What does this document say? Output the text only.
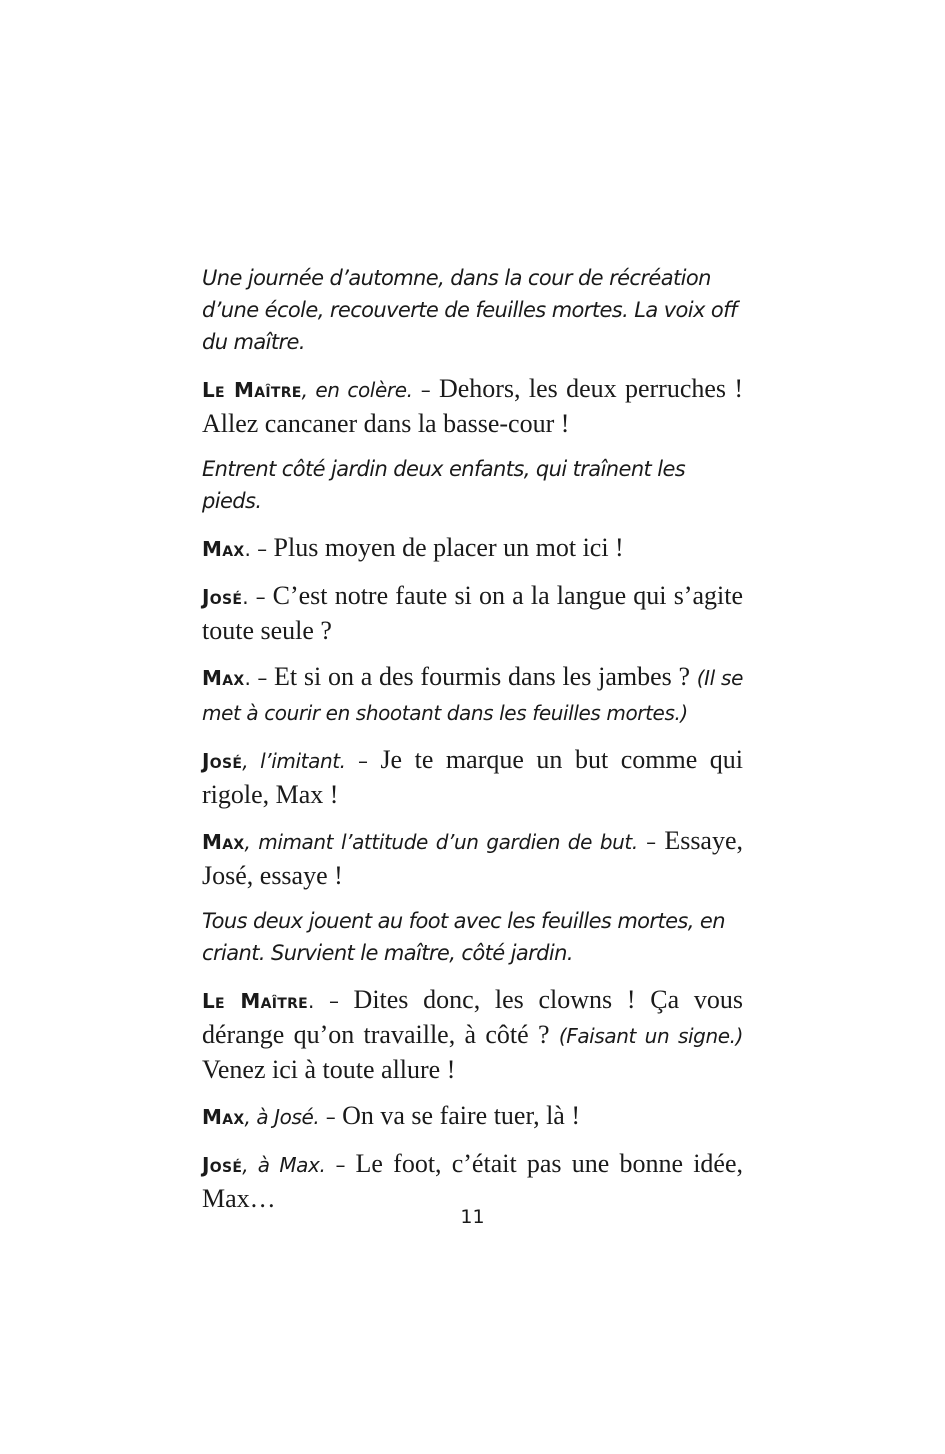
Une journée d’automne, dans la cour de récréation d’une école, recouverte de feuilles mortes. La voix off du maître.

Le Maître, en colère. – Dehors, les deux perruches ! Allez cancaner dans la basse-cour !

Entrent côté jardin deux enfants, qui traînent les pieds.

Max. – Plus moyen de placer un mot ici !

José. – C’est notre faute si on a la langue qui s’agite toute seule ?

Max. – Et si on a des fourmis dans les jambes ? (Il se met à courir en shootant dans les feuilles mortes.)

José, l’imitant. – Je te marque un but comme qui rigole, Max !

Max, mimant l’attitude d’un gardien de but. – Essaye, José, essaye !

Tous deux jouent au foot avec les feuilles mortes, en criant. Survient le maître, côté jardin.

Le Maître. – Dites donc, les clowns ! Ça vous dérange qu’on travaille, à côté ? (Faisant un signe.) Venez ici à toute allure !

Max, à José. – On va se faire tuer, là !

José, à Max. – Le foot, c’était pas une bonne idée, Max…

11
